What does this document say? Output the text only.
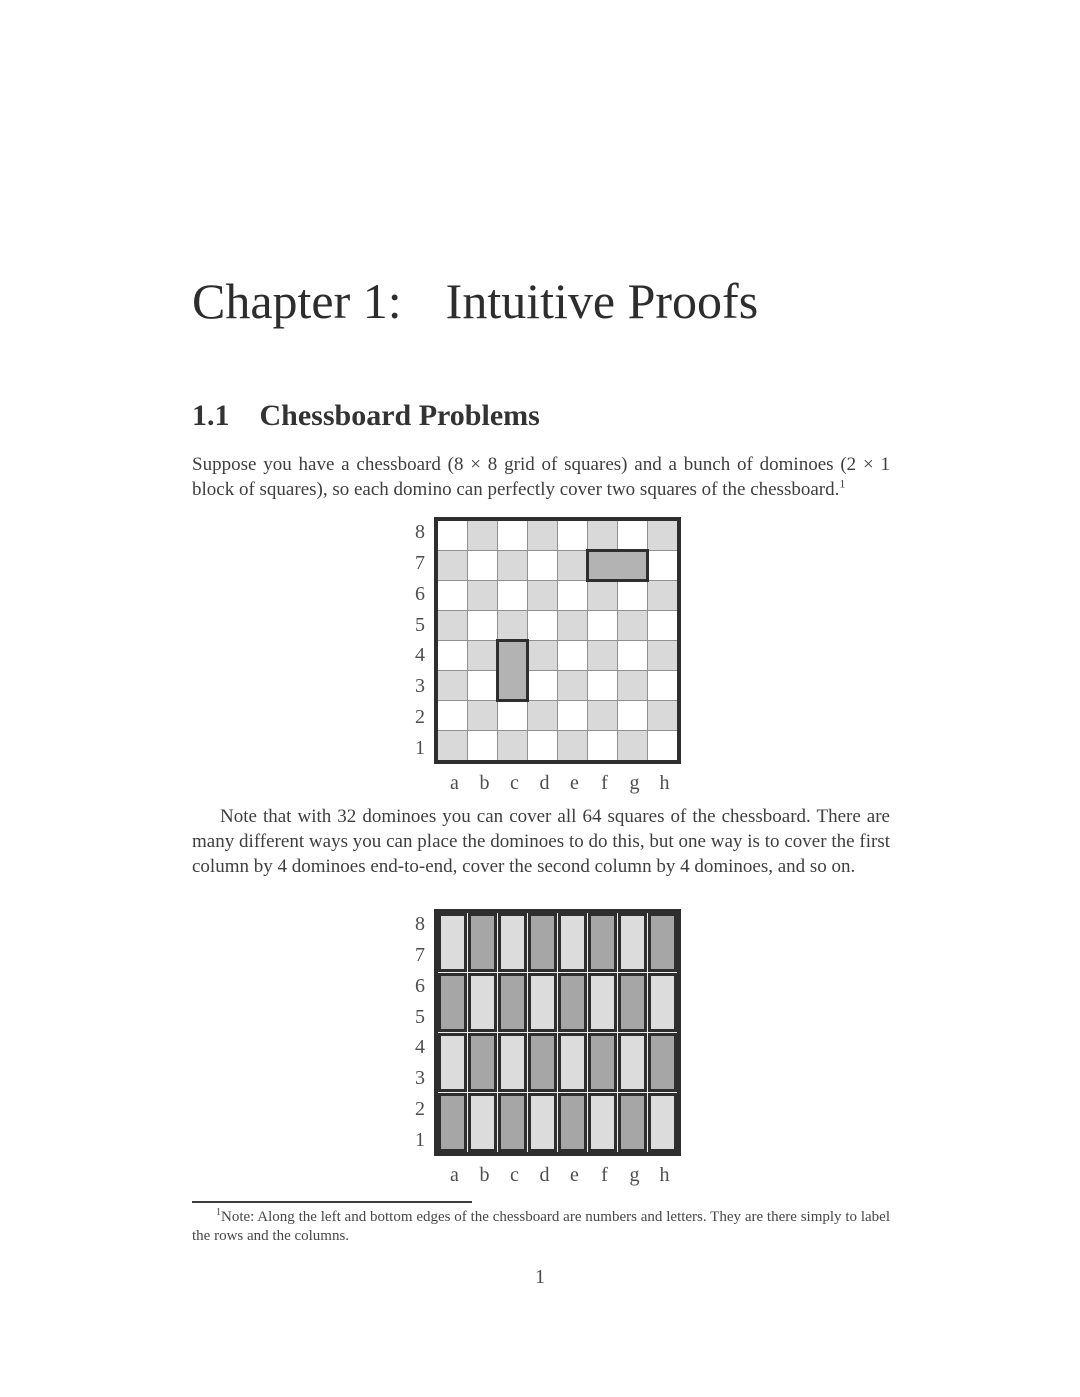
Chapter 1: Intuitive Proofs
1.1 Chessboard Problems

Suppose you have a chessboard (8 × 8 grid of squares) and a bunch of dominoes (2 × 1 block of squares), so each domino can perfectly cover two squares of the chessboard.$^1$

8
7
6
5
4
3
2
1
a	b	c	d	e	f	g	h

Note that with 32 dominoes you can cover all 64 squares of the chessboard. There are many different ways you can place the dominoes to do this, but one way is to cover the first column by 4 dominoes end-to-end, cover the second column by 4 dominoes, and so on.

8
7
6
5
4
3
2
1
a	b	c	d	e	f	g	h

$^1$Note: Along the left and bottom edges of the chessboard are numbers and letters. They are there simply to label the rows and the columns.

1
